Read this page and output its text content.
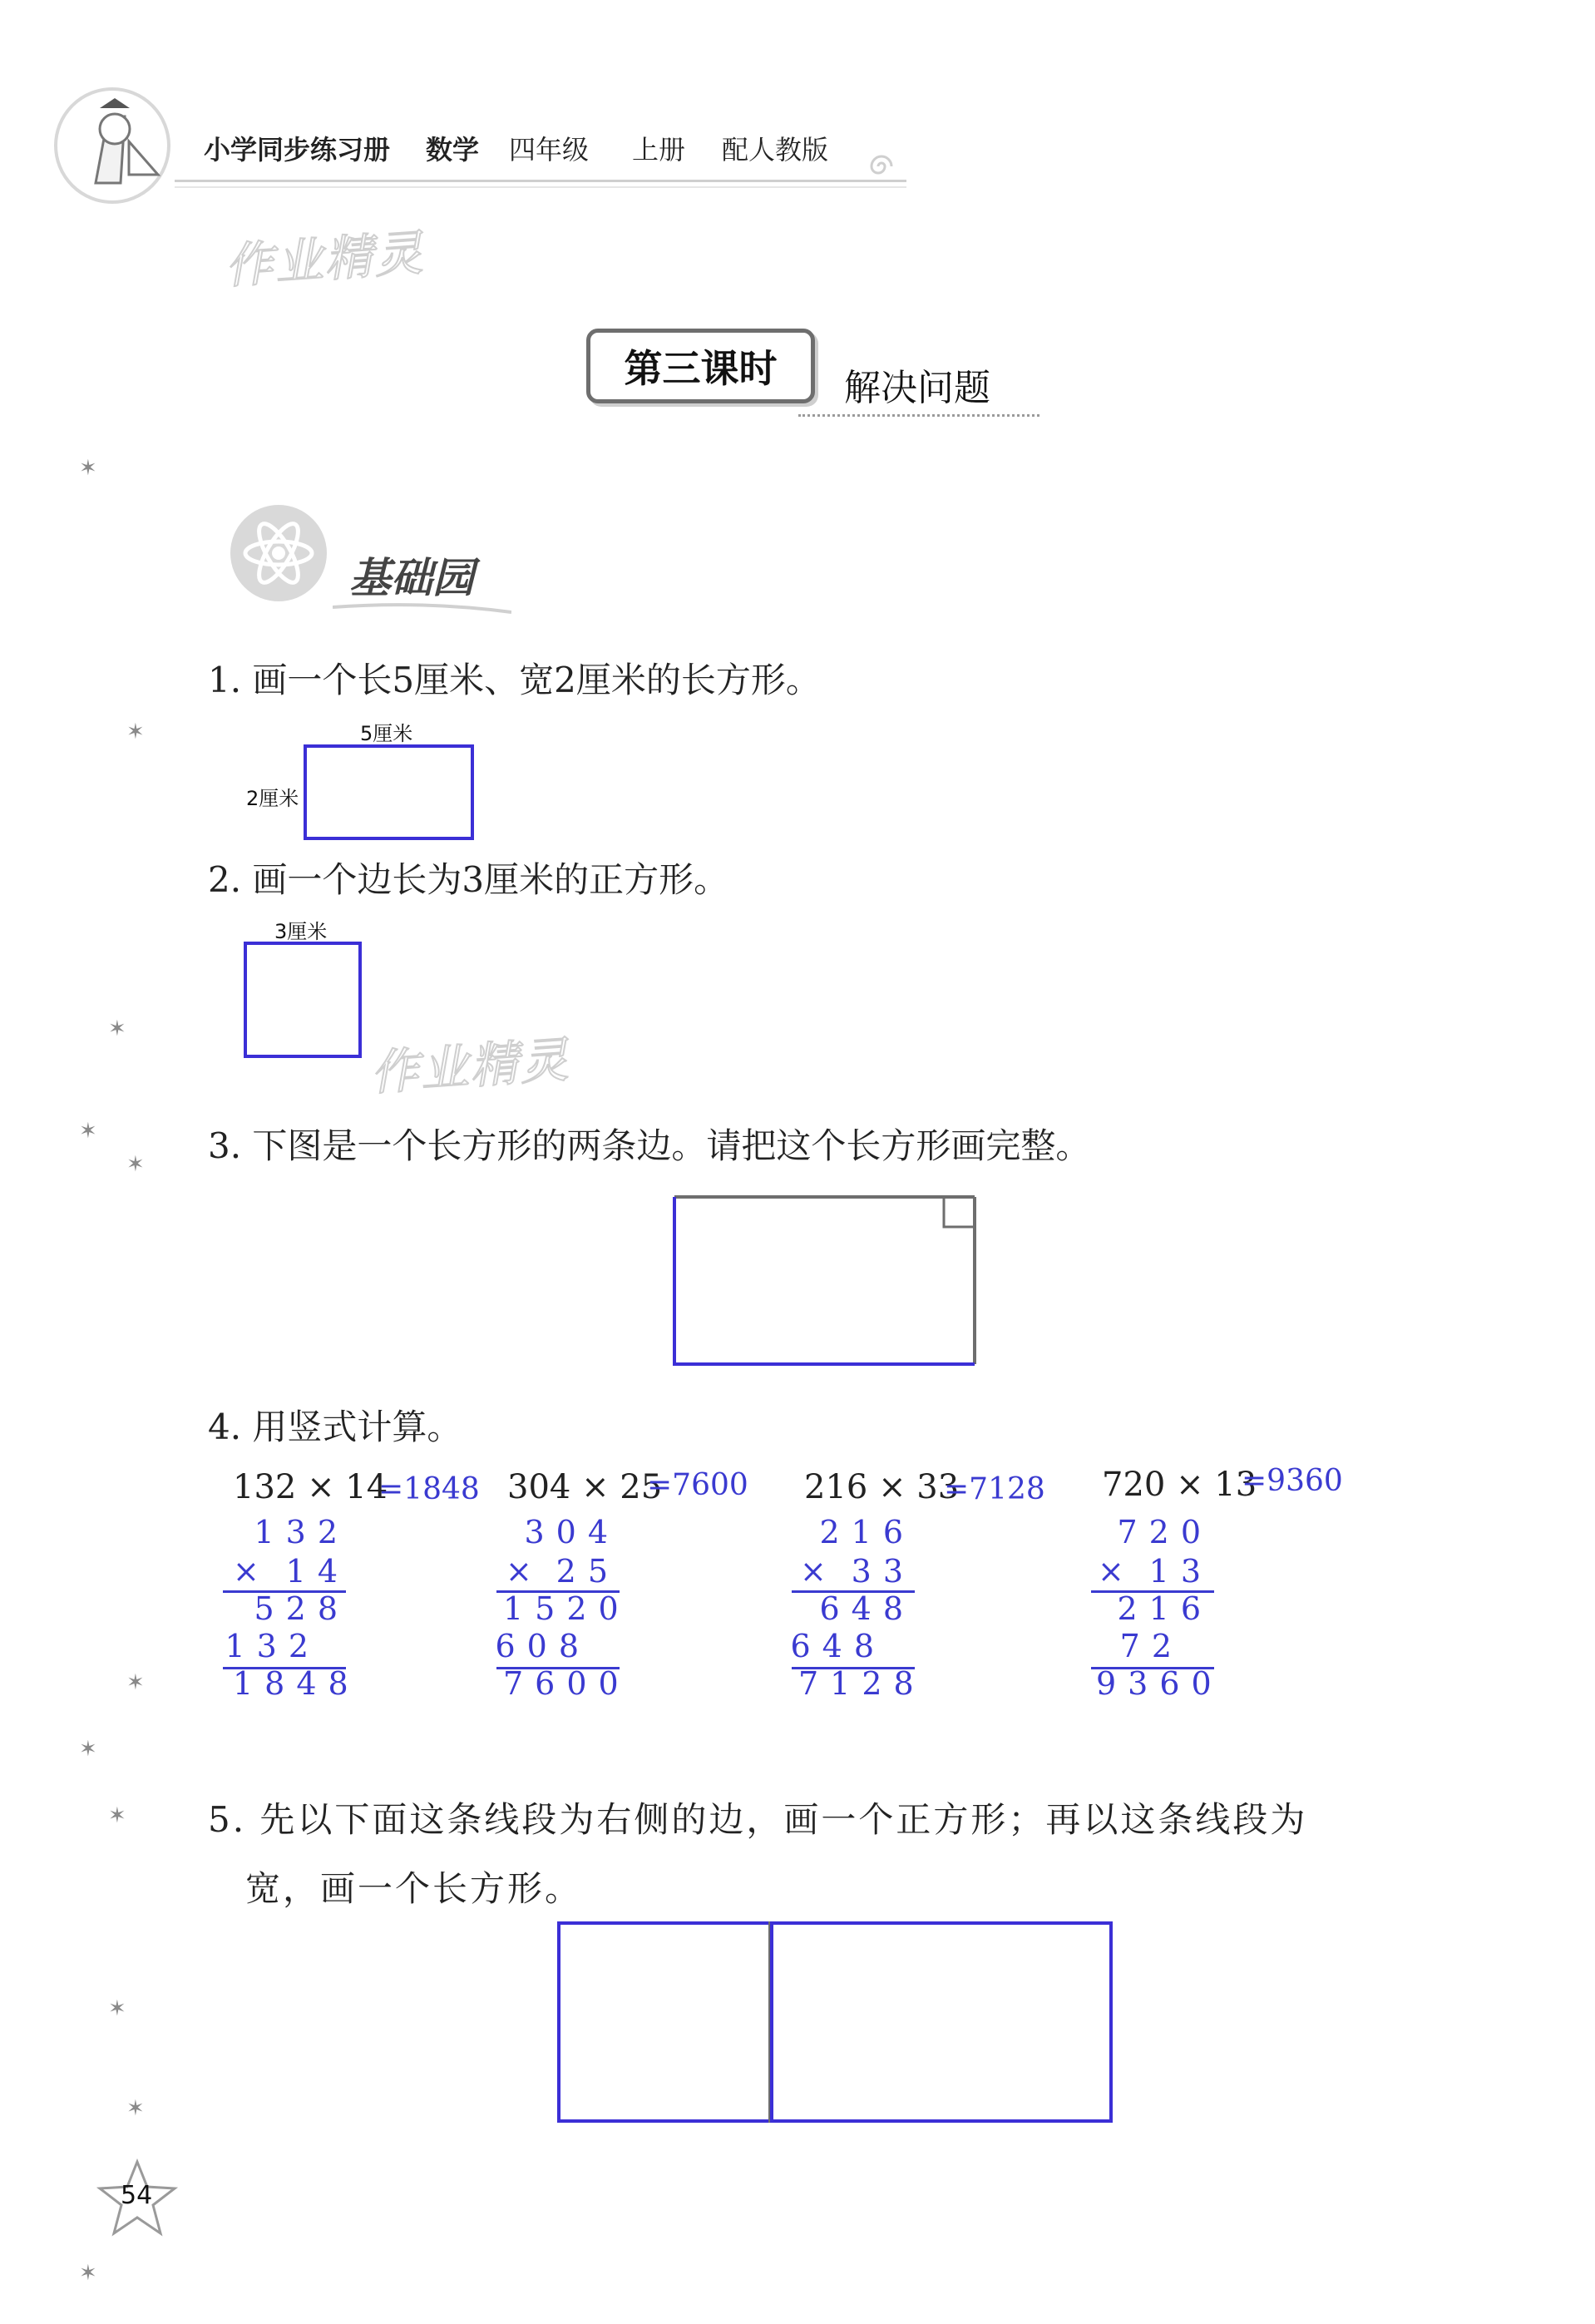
小学同步练习册 数学 四年级 上册 配人教版
作业精灵
作业精灵
第三课时 解决问题
基础园
1. 画一个长5厘米、宽2厘米的长方形。
5厘米
2厘米
2. 画一个边长为3厘米的正方形。
3厘米
3. 下图是一个长方形的两条边。请把这个长方形画完整。
4. 用竖式计算。
132 × 14
=1848
132
× 14
528
132
1848
304 × 25
=7600
304
× 25
1520
608
7600
216 × 33
=7128
216
× 33
648
648
7128
720 × 13
=9360
720
× 13
216
72
9360
5. 先以下面这条线段为右侧的边，画一个正方形；再以这条线段为
宽，画一个长方形。
✶
✶
✶
✶
✶
✶
✶
✶
✶
✶
✶
54
